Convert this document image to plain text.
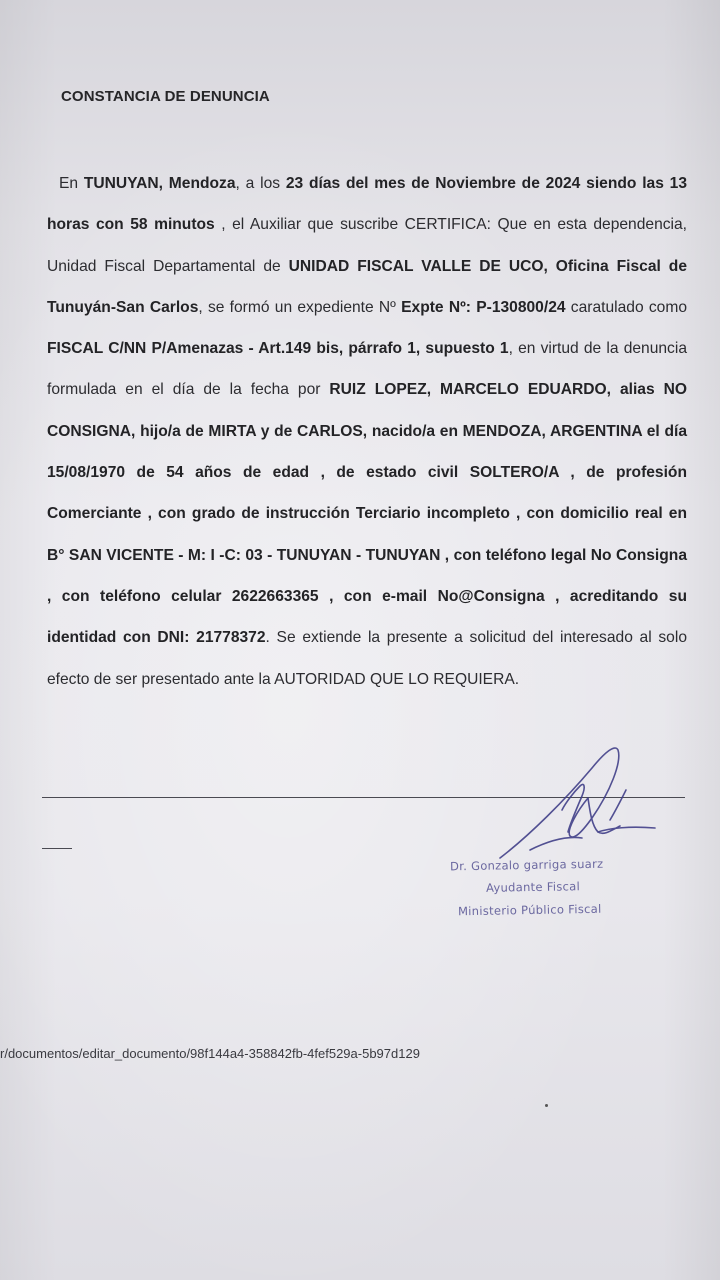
CONSTANCIA DE DENUNCIA
En TUNUYAN, Mendoza, a los 23 días del mes de Noviembre de 2024 siendo las 13 horas con 58 minutos , el Auxiliar que suscribe CERTIFICA: Que en esta dependencia, Unidad Fiscal Departamental de UNIDAD FISCAL VALLE DE UCO, Oficina Fiscal de Tunuyán-San Carlos, se formó un expediente Nº Expte Nº: P-130800/24 caratulado como FISCAL C/NN P/Amenazas - Art.149 bis, párrafo 1, supuesto 1, en virtud de la denuncia formulada en el día de la fecha por RUIZ LOPEZ, MARCELO EDUARDO, alias NO CONSIGNA, hijo/a de MIRTA y de CARLOS, nacido/a en MENDOZA, ARGENTINA el día 15/08/1970 de 54 años de edad , de estado civil SOLTERO/A , de profesión Comerciante , con grado de instrucción Terciario incompleto , con domicilio real en B° SAN VICENTE - M: I -C: 03 - TUNUYAN - TUNUYAN , con teléfono legal No Consigna , con teléfono celular 2622663365 , con e-mail No@Consigna , acreditando su identidad con DNI: 21778372. Se extiende la presente a solicitud del interesado al solo efecto de ser presentado ante la AUTORIDAD QUE LO REQUIERA.
Dr. Gonzalo garriga suarz
Ayudante Fiscal
Ministerio Público Fiscal
r/documentos/editar_documento/98f144a4-358842fb-4fef529a-5b97d129
